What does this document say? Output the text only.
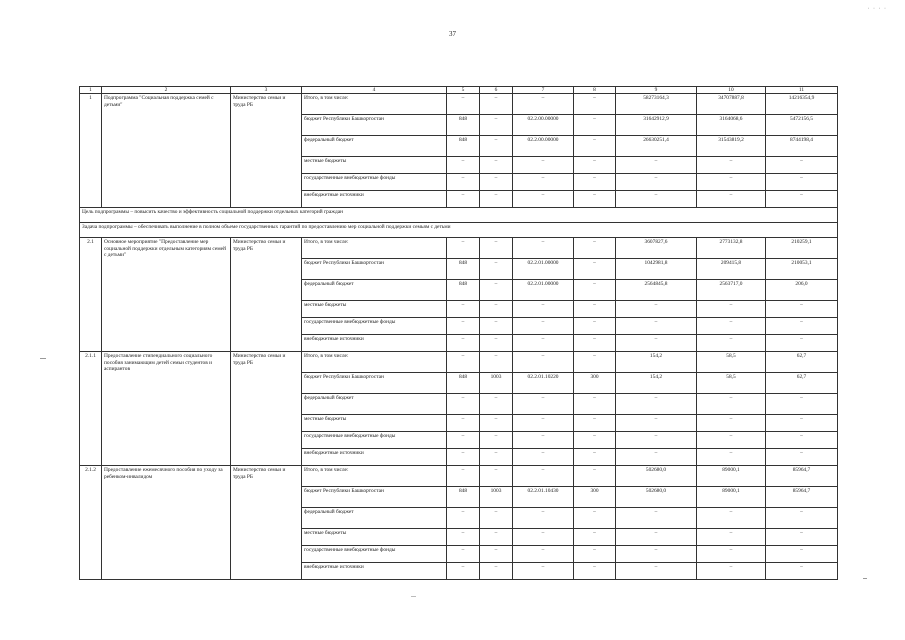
· · · ·
37
1	2	3	4	5	6	7	8	9	10	11
1	Подпрограмма "Социальная поддержка семей с детьми"	Министерство семьи и труда РБ	Итого, в том числе:	–	–	–	–	58273164,3	34707887,8	14216354,9
			бюджет Республики Башкортостан	848	–	02.2.00.00000	–	31642912,9	3164068,6	5472156,5
			федеральный бюджет	848	–	02.2.00.00000	–	26630251,4	31543819,2	8744198,4
			местные бюджеты	–	–	–	–	–	–	–
			государственные внебюджетные фонды	–	–	–	–	–	–	–
			внебюджетные источники	–	–	–	–	–	–	–
Цель подпрограммы – повысить качество и эффективность социальной поддержки отдельных категорий граждан										
Задача подпрограммы – обеспечивать выполнение в полном объеме государственных гарантий по предоставлению мер социальной поддержки семьям с детьми										
2.1	Основное мероприятие "Предоставление мер социальной поддержки отдельным категориям семей с детьми"	Министерство семьи и труда РБ	Итого, в том числе:	–	–	–	–	3607827,6	2773132,8	210259,1
			бюджет Республики Башкортостан	848	–	02.2.01.00000	–	1042981,8	209415,8	210053,1
			федеральный бюджет	848	–	02.2.01.00000	–	2564845,8	2563717,0	206,0
			местные бюджеты	–	–	–	–	–	–	–
			государственные внебюджетные фонды	–	–	–	–	–	–	–
			внебюджетные источники	–	–	–	–	–	–	–
2.1.1	Предоставление стипендиального социального пособия занимающим детей семьи студентов и аспирантов	Министерство семьи и труда РБ	Итого, в том числе:	–	–	–	–	154,2	58,5	62,7
			бюджет Республики Башкортостан	848	1003	02.2.01.10220	300	154,2	58,5	62,7
			федеральный бюджет	–	–	–	–	–	–	–
			местные бюджеты	–	–	–	–	–	–	–
			государственные внебюджетные фонды	–	–	–	–	–	–	–
			внебюджетные источники	–	–	–	–	–	–	–
2.1.2	Предоставление ежемесячного пособия по уходу за ребенком-инвалидом	Министерство семьи и труда РБ	Итого, в том числе:	–	–	–	–	502680,0	89000,1	85964,7
			бюджет Республики Башкортостан	848	1003	02.2.01.10430	300	502680,0	89000,1	85964,7
			федеральный бюджет	–	–	–	–	–	–	–
			местные бюджеты	–	–	–	–	–	–	–
			государственные внебюджетные фонды	–	–	–	–	–	–	–
			внебюджетные источники	–	–	–	–	–	–	–
